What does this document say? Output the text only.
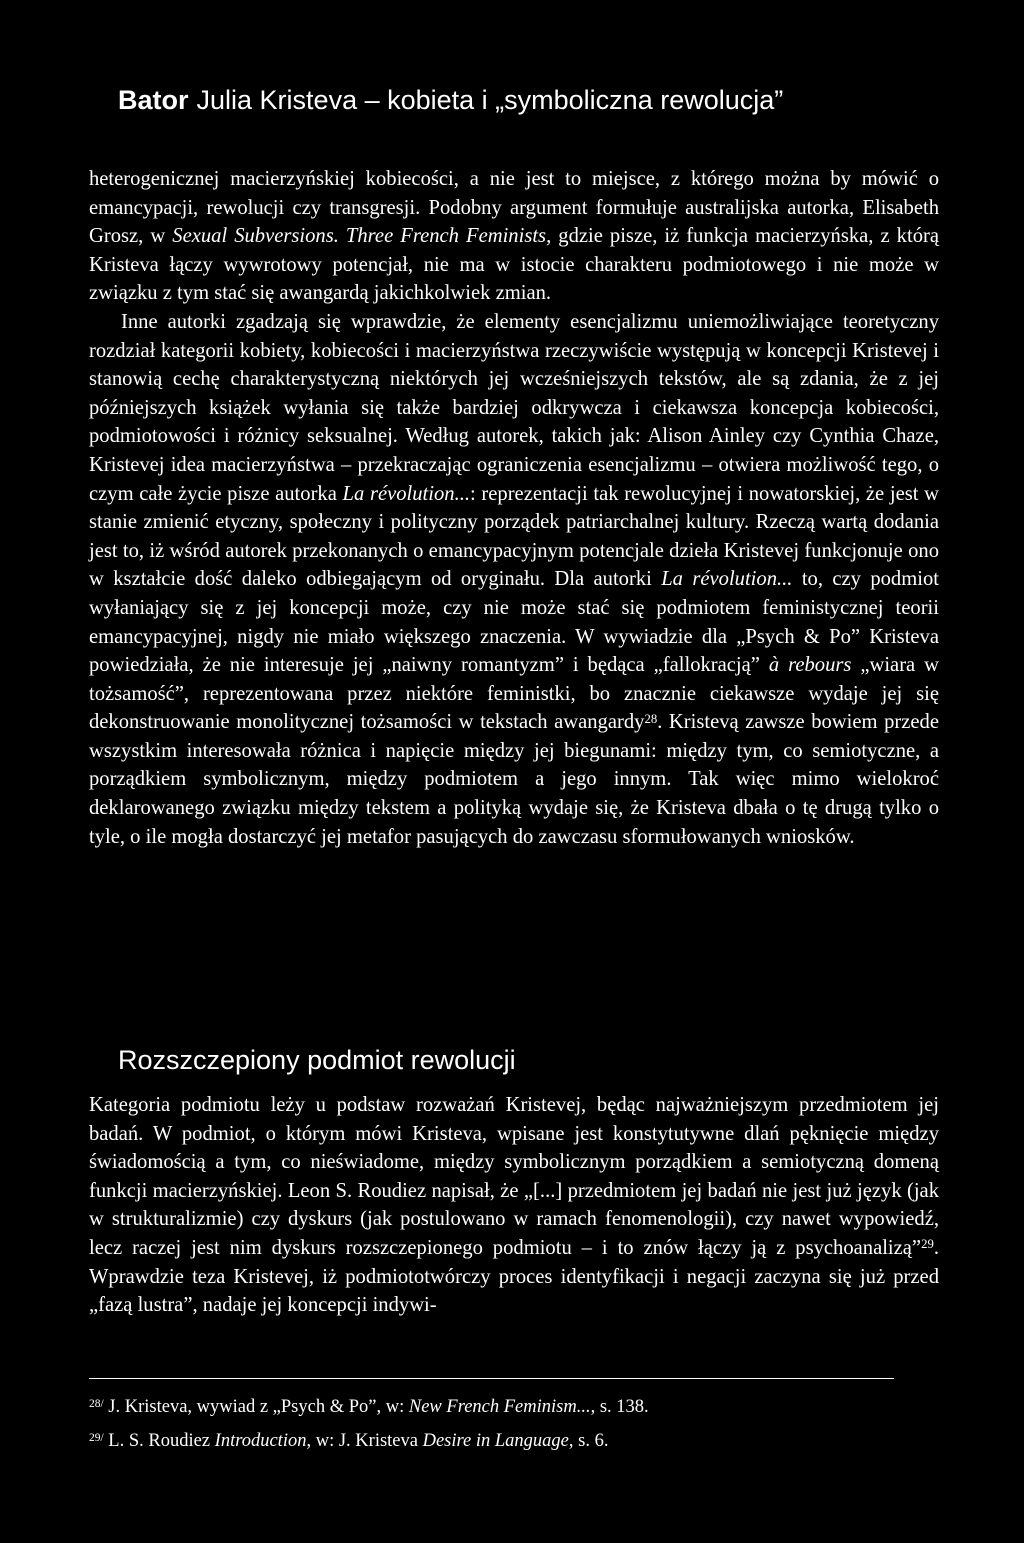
Bator Julia Kristeva – kobieta i „symboliczna rewolucja”

heterogenicznej macierzyńskiej kobiecości, a nie jest to miejsce, z którego można by mówić o emancypacji, rewolucji czy transgresji. Podobny argument formułuje australijska autorka, Elisabeth Grosz, w Sexual Subversions. Three French Feminists, gdzie pisze, iż funkcja macierzyńska, z którą Kristeva łączy wywrotowy potencjał, nie ma w istocie charakteru podmiotowego i nie może w związku z tym stać się awangardą jakichkolwiek zmian.

Inne autorki zgadzają się wprawdzie, że elementy esencjalizmu uniemożliwiające teoretyczny rozdział kategorii kobiety, kobiecości i macierzyństwa rzeczywiście występują w koncepcji Kristevej i stanowią cechę charakterystyczną niektórych jej wcześniejszych tekstów, ale są zdania, że z jej późniejszych książek wyłania się także bardziej odkrywcza i ciekawsza koncepcja kobiecości, podmiotowości i różnicy seksualnej. Według autorek, takich jak: Alison Ainley czy Cynthia Chaze, Kristevej idea macierzyństwa – przekraczając ograniczenia esencjalizmu – otwiera możliwość tego, o czym całe życie pisze autorka La révolution...: reprezentacji tak rewolucyjnej i nowatorskiej, że jest w stanie zmienić etyczny, społeczny i polityczny porządek patriarchalnej kultury. Rzeczą wartą dodania jest to, iż wśród autorek przekonanych o emancypacyjnym potencjale dzieła Kristevej funkcjonuje ono w kształcie dość daleko odbiegającym od oryginału. Dla autorki La révolution... to, czy podmiot wyłaniający się z jej koncepcji może, czy nie może stać się podmiotem feministycznej teorii emancypacyjnej, nigdy nie miało większego znaczenia. W wywiadzie dla „Psych & Po” Kristeva powiedziała, że nie interesuje jej „naiwny romantyzm” i będąca „fallokracją” à rebours „wiara w tożsamość”, reprezentowana przez niektóre feministki, bo znacznie ciekawsze wydaje jej się dekonstruowanie monolitycznej tożsamości w tekstach awangardy$^{28}$. Kristevą zawsze bowiem przede wszystkim interesowała różnica i napięcie między jej biegunami: między tym, co semiotyczne, a porządkiem symbolicznym, między podmiotem a jego innym. Tak więc mimo wielokroć deklarowanego związku między tekstem a polityką wydaje się, że Kristeva dbała o tę drugą tylko o tyle, o ile mogła dostarczyć jej metafor pasujących do zawczasu sformułowanych wniosków.

Rozszczepiony podmiot rewolucji

Kategoria podmiotu leży u podstaw rozważań Kristevej, będąc najważniejszym przedmiotem jej badań. W podmiot, o którym mówi Kristeva, wpisane jest konstytutywne dlań pęknięcie między świadomością a tym, co nieświadome, między symbolicznym porządkiem a semiotyczną domeną funkcji macierzyńskiej. Leon S. Roudiez napisał, że „[...] przedmiotem jej badań nie jest już język (jak w strukturalizmie) czy dyskurs (jak postulowano w ramach fenomenologii), czy nawet wypowiedź, lecz raczej jest nim dyskurs rozszczepionego podmiotu – i to znów łączy ją z psychoanalizą”$^{29}$. Wprawdzie teza Kristevej, iż podmiototwórczy proces identyfikacji i negacji zaczyna się już przed „fazą lustra”, nadaje jej koncepcji indywi-

$^{28/}$ J. Kristeva, wywiad z „Psych & Po”, w: New French Feminism..., s. 138.
$^{29/}$ L. S. Roudiez Introduction, w: J. Kristeva Desire in Language, s. 6.
